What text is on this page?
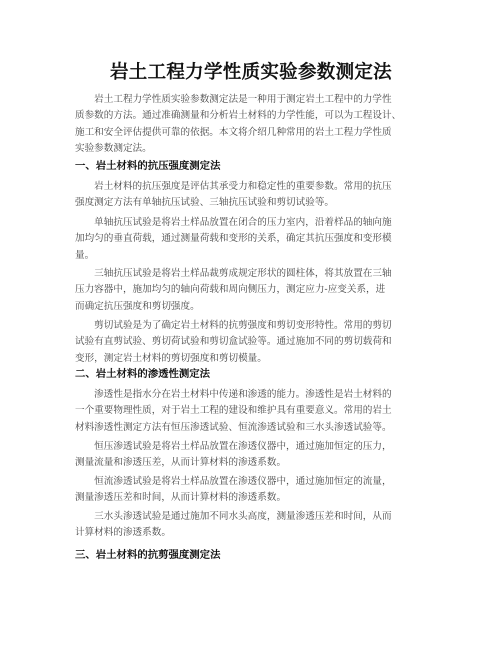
岩土工程力学性质实验参数测定法

　　岩土工程力学性质实验参数测定法是一种用于测定岩土工程中的力学性
质参数的方法。通过准确测量和分析岩土材料的力学性能，可以为工程设计、
施工和安全评估提供可靠的依据。本文将介绍几种常用的岩土工程力学性质
实验参数测定法。

一、岩土材料的抗压强度测定法

　　岩土材料的抗压强度是评估其承受力和稳定性的重要参数。常用的抗压
强度测定方法有单轴抗压试验、三轴抗压试验和剪切试验等。

　　单轴抗压试验是将岩土样品放置在闭合的压力室内，沿着样品的轴向施
加均匀的垂直荷载，通过测量荷载和变形的关系，确定其抗压强度和变形模
量。

　　三轴抗压试验是将岩土样品裁剪成规定形状的圆柱体，将其放置在三轴
压力容器中，施加均匀的轴向荷载和周向侧压力，测定应力-应变关系，进
而确定抗压强度和剪切强度。

　　剪切试验是为了确定岩土材料的抗剪强度和剪切变形特性。常用的剪切
试验有直剪试验、剪切荷试验和剪切盒试验等。通过施加不同的剪切载荷和
变形，测定岩土材料的剪切强度和剪切模量。

二、岩土材料的渗透性测定法

　　渗透性是指水分在岩土材料中传递和渗透的能力。渗透性是岩土材料的
一个重要物理性质，对于岩土工程的建设和维护具有重要意义。常用的岩土
材料渗透性测定方法有恒压渗透试验、恒流渗透试验和三水头渗透试验等。

　　恒压渗透试验是将岩土样品放置在渗透仪器中，通过施加恒定的压力，
测量流量和渗透压差，从而计算材料的渗透系数。

　　恒流渗透试验是将岩土样品放置在渗透仪器中，通过施加恒定的流量，
测量渗透压差和时间，从而计算材料的渗透系数。

　　三水头渗透试验是通过施加不同水头高度，测量渗透压差和时间，从而
计算材料的渗透系数。

三、岩土材料的抗剪强度测定法
